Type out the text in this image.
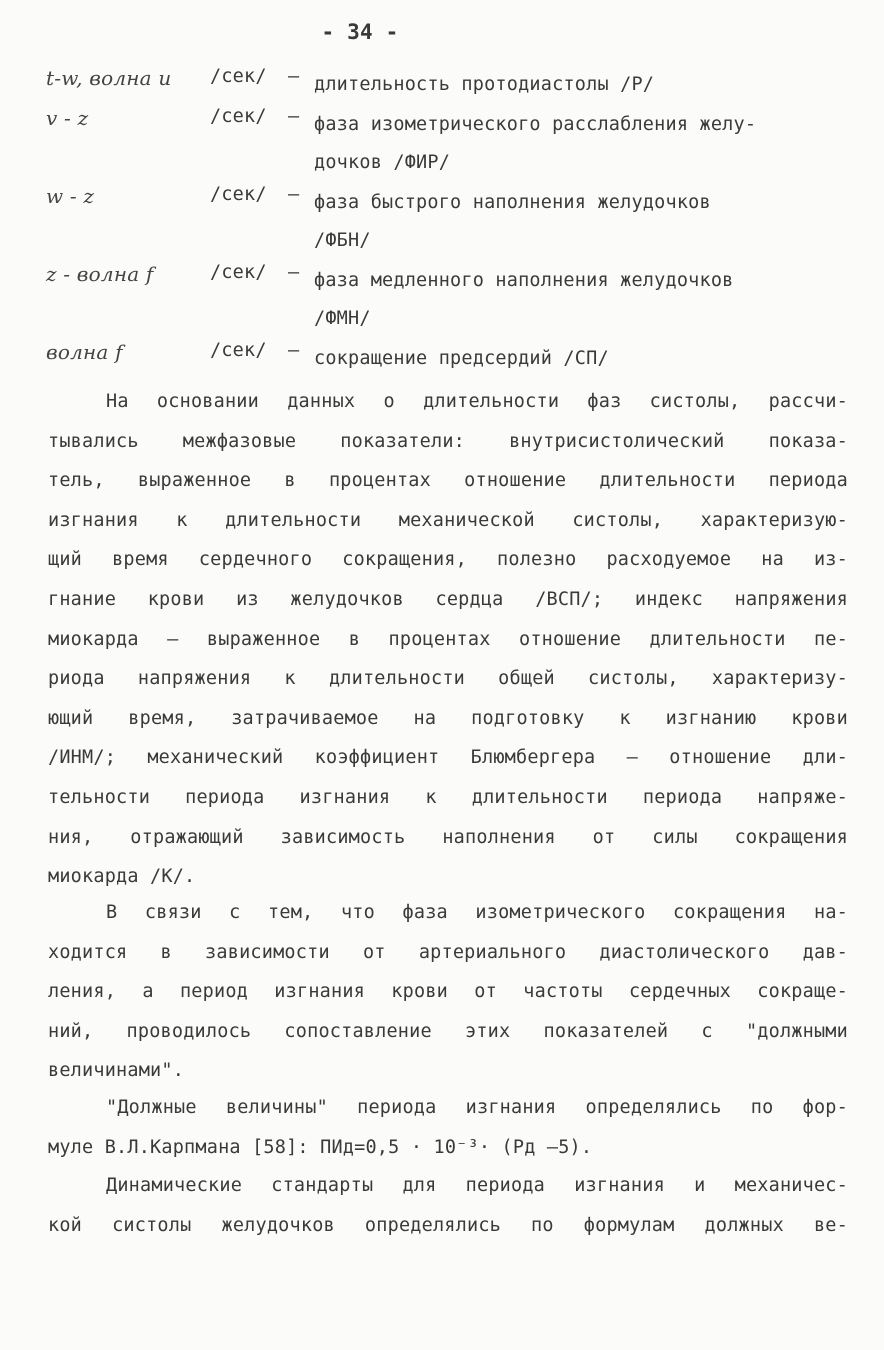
- 34 -
t-w, волна u /сек/ – длительность протодиастолы /Р/
v - z	/сек/ – фаза изометрического расслабления желу-
дочков /ФИР/
w - z	/сек/ – фаза быстрого наполнения желудочков
/ФБН/
z - волна f	/сек/ – фаза медленного наполнения желудочков
/ФМН/
волна f	/сек/ – сокращение предсердий /СП/
На основании данных о длительности фаз систолы, рассчи-
тывались межфазовые показатели: внутрисистолический показа-
тель, выраженное в процентах отношение длительности периода
изгнания к длительности механической систолы, характеризую-
щий время сердечного сокращения, полезно расходуемое на из-
гнание крови из желудочков сердца /ВСП/; индекс напряжения
миокарда – выраженное в процентах отношение длительности пе-
риода напряжения к длительности общей систолы, характеризу-
ющий время, затрачиваемое на подготовку к изгнанию крови
/ИНМ/; механический коэффициент Блюмбергера – отношение дли-
тельности периода изгнания к длительности периода напряже-
ния, отражающий зависимость наполнения от силы сокращения
миокарда /К/.
В связи с тем, что фаза изометрического сокращения на-
ходится в зависимости от артериального диастолического дав-
ления, а период изгнания крови от частоты сердечных сокраще-
ний, проводилось сопоставление этих показателей с "должными
величинами".
"Должные величины" периода изгнания определялись по фор-
муле В.Л.Карпмана [58]: ПИд=0,5 · 10⁻³· (Рд –5).
Динамические стандарты для периода изгнания и механичес-
кой систолы желудочков определялись по формулам должных ве-
